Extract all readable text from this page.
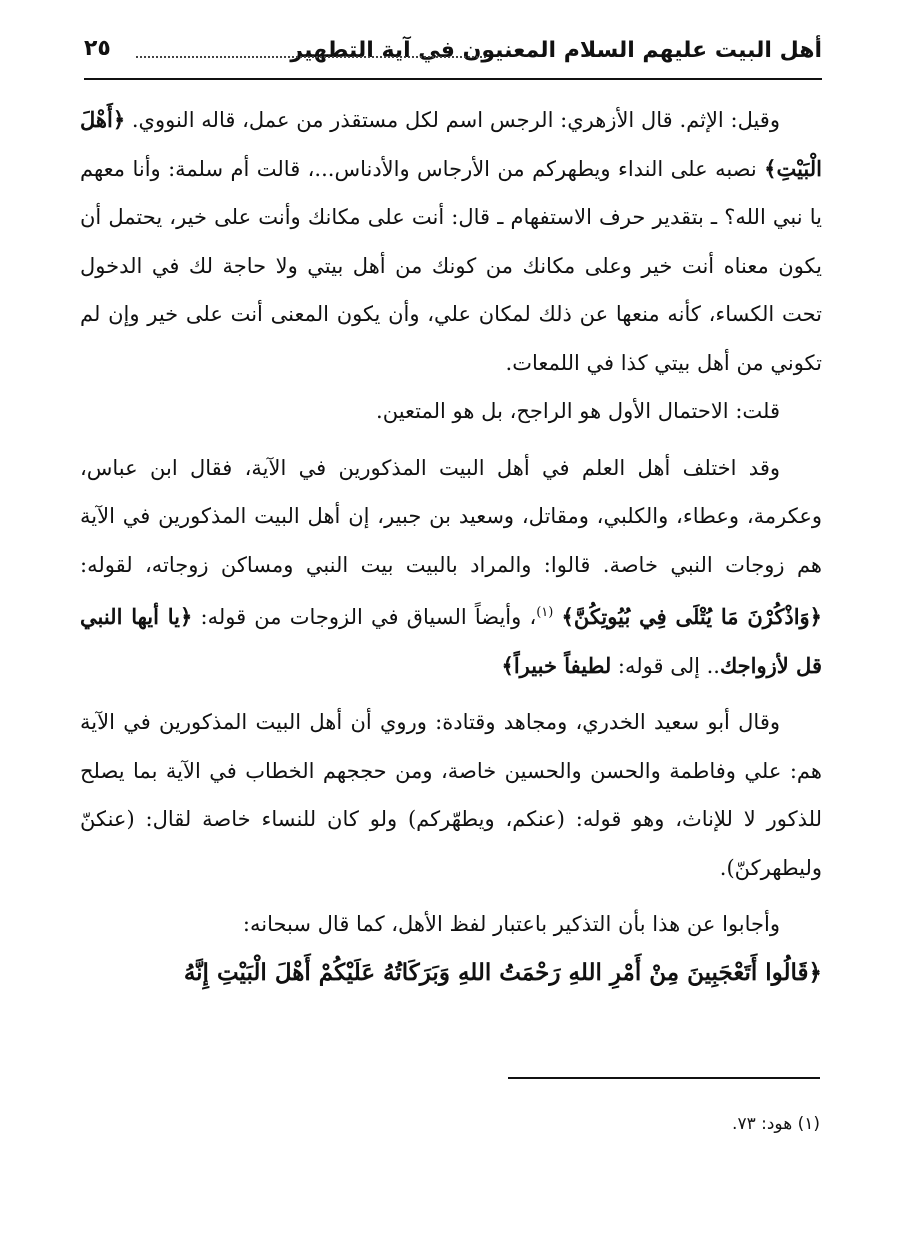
أهل البيت عليهم السلام المعنيون في آية التطهير
٢٥

وقيل: الإثم. قال الأزهري: الرجس اسم لكل مستقذر من عمل، قاله النووي. ﴿أَهْلَ الْبَيْتِ﴾ نصبه على النداء ويطهركم من الأرجاس والأدناس...، قالت أم سلمة: وأنا معهم يا نبي الله؟ ـ بتقدير حرف الاستفهام ـ قال: أنت على مكانك وأنت على خير، يحتمل أن يكون معناه أنت خير وعلى مكانك من كونك من أهل بيتي ولا حاجة لك في الدخول تحت الكساء، كأنه منعها عن ذلك لمكان علي، وأن يكون المعنى أنت على خير وإن لم تكوني من أهل بيتي كذا في اللمعات.

قلت: الاحتمال الأول هو الراجح، بل هو المتعين.

وقد اختلف أهل العلم في أهل البيت المذكورين في الآية، فقال ابن عباس، وعكرمة، وعطاء، والكلبي، ومقاتل، وسعيد بن جبير، إن أهل البيت المذكورين في الآية هم زوجات النبي خاصة. قالوا: والمراد بالبيت بيت النبي ومساكن زوجاته، لقوله:﴿وَاذْكُرْنَ مَا يُتْلَى فِي بُيُوتِكُنَّ﴾ $^{(١)}$، وأيضاً السياق في الزوجات من قوله: ﴿يا أيها النبي قل لأزواجك.. إلى قوله: لطيفاً خبيراً﴾

وقال أبو سعيد الخدري، ومجاهد وقتادة: وروي أن أهل البيت المذكورين في الآية هم: علي وفاطمة والحسن والحسين خاصة، ومن حججهم الخطاب في الآية بما يصلح للذكور لا للإناث، وهو قوله: (عنكم، ويطهّركم) ولو كان للنساء خاصة لقال: (عنكنّ وليطهركنّ).

وأجابوا عن هذا بأن التذكير باعتبار لفظ الأهل، كما قال سبحانه:

﴿قَالُوا أَتَعْجَبِينَ مِنْ أَمْرِ اللهِ رَحْمَتُ اللهِ وَبَرَكَاتُهُ عَلَيْكُمْ أَهْلَ الْبَيْتِ إِنَّهُ

(١) هود: ٧٣.
